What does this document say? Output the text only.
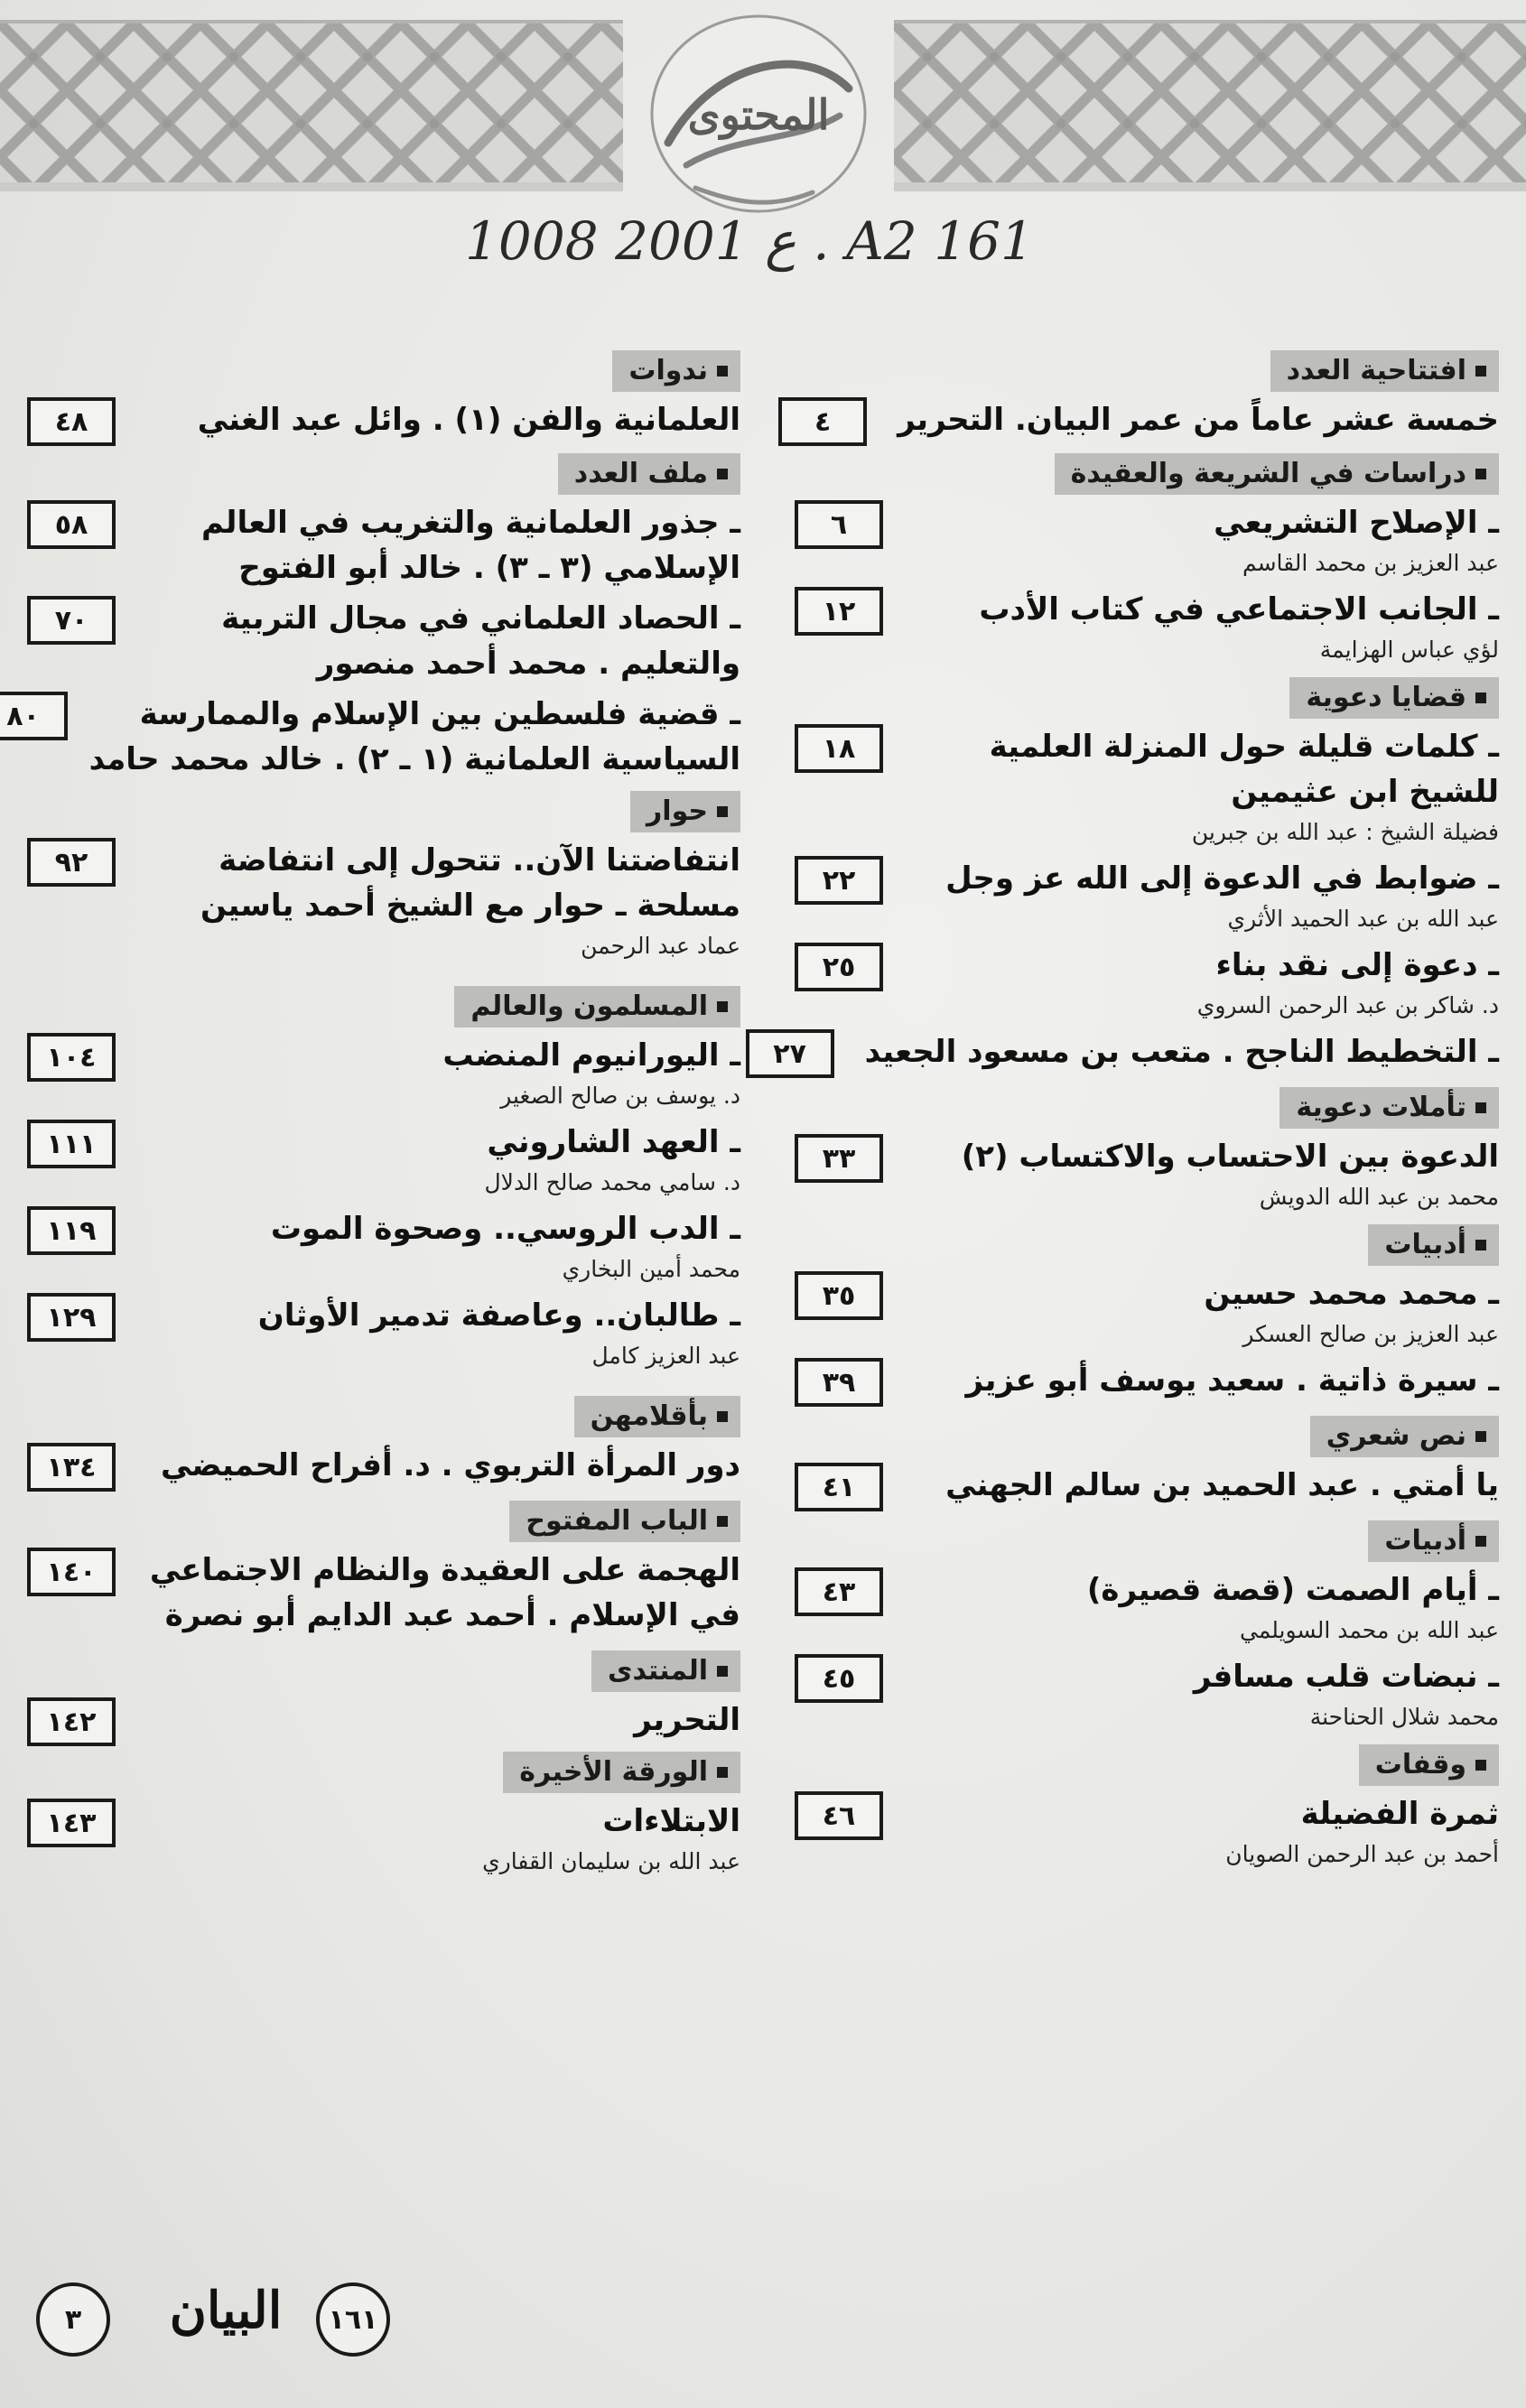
المحتوى
A2 161 . ع 2001 1008
افتتاحية العدد
خمسة عشر عاماً من عمر البيان. التحرير
٤
دراسات في الشريعة والعقيدة
ـ الإصلاح التشريعي
عبد العزيز بن محمد القاسم
٦
ـ الجانب الاجتماعي في كتاب الأدب
لؤي عباس الهزايمة
١٢
قضايا دعوية
ـ كلمات قليلة حول المنزلة العلمية
للشيخ ابن عثيمين
فضيلة الشيخ : عبد الله بن جبرين
١٨
ـ ضوابط في الدعوة إلى الله عز وجل
عبد الله بن عبد الحميد الأثري
٢٢
ـ دعوة إلى نقد بناء
د. شاكر بن عبد الرحمن السروي
٢٥
ـ التخطيط الناجح . متعب بن مسعود الجعيد
٢٧
تأملات دعوية
الدعوة بين الاحتساب والاكتساب (٢)
محمد بن عبد الله الدويش
٣٣
أدبيات
ـ محمد محمد حسين
عبد العزيز بن صالح العسكر
٣٥
ـ سيرة ذاتية . سعيد يوسف أبو عزيز
٣٩
نص شعري
يا أمتي . عبد الحميد بن سالم الجهني
٤١
أدبيات
ـ أيام الصمت (قصة قصيرة)
عبد الله بن محمد السويلمي
٤٣
ـ نبضات قلب مسافر
محمد شلال الحناحنة
٤٥
وقفات
ثمرة الفضيلة
أحمد بن عبد الرحمن الصويان
٤٦
ندوات
العلمانية والفن (١) . وائل عبد الغني
٤٨
ملف العدد
ـ جذور العلمانية والتغريب في العالم
الإسلامي (٣ ـ ٣) . خالد أبو الفتوح
٥٨
ـ الحصاد العلماني في مجال التربية
والتعليم . محمد أحمد منصور
٧٠
ـ قضية فلسطين بين الإسلام والممارسة
السياسية العلمانية (١ ـ ٢) . خالد محمد حامد
٨٠
حوار
انتفاضتنا الآن.. تتحول إلى انتفاضة
مسلحة ـ حوار مع الشيخ أحمد ياسين
عماد عبد الرحمن
٩٢
المسلمون والعالم
ـ اليورانيوم المنضب
د. يوسف بن صالح الصغير
١٠٤
ـ العهد الشاروني
د. سامي محمد صالح الدلال
١١١
ـ الدب الروسي.. وصحوة الموت
محمد أمين البخاري
١١٩
ـ طالبان.. وعاصفة تدمير الأوثان
عبد العزيز كامل
١٢٩
بأقلامهن
دور المرأة التربوي . د. أفراح الحميضي
١٣٤
الباب المفتوح
الهجمة على العقيدة والنظام الاجتماعي
في الإسلام . أحمد عبد الدايم أبو نصرة
١٤٠
المنتدى
التحرير
١٤٢
الورقة الأخيرة
الابتلاءات
عبد الله بن سليمان القفاري
١٤٣
٣	البيان	١٦١
